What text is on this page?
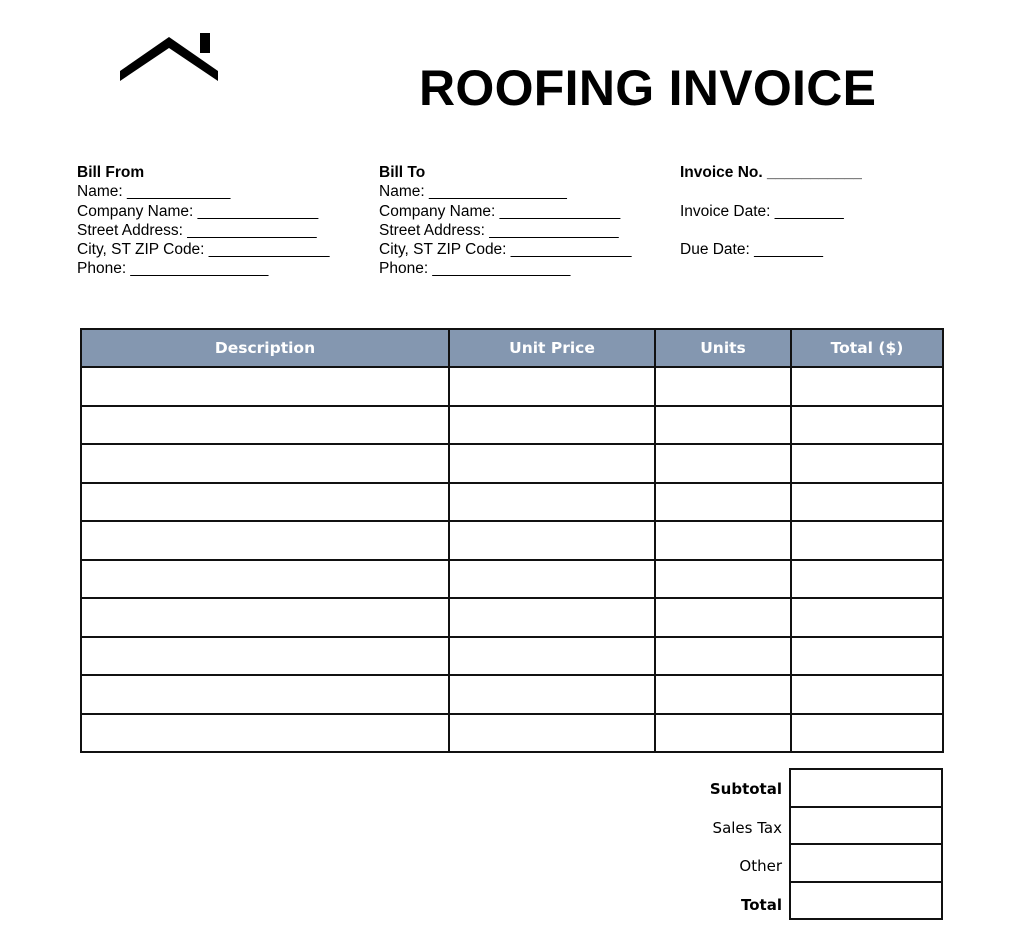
ROOFING INVOICE
Bill From
Name: ____________
Company Name: ______________
Street Address: _______________
City, ST ZIP Code: ______________
Phone: ________________
Bill To
Name: ________________
Company Name: ______________
Street Address: _______________
City, ST ZIP Code: ______________
Phone: ________________
Invoice No. ___________
Invoice Date: ________
Due Date: ________
Description	Unit Price	Units	Total ($)

Subtotal
Sales Tax
Other
Total
